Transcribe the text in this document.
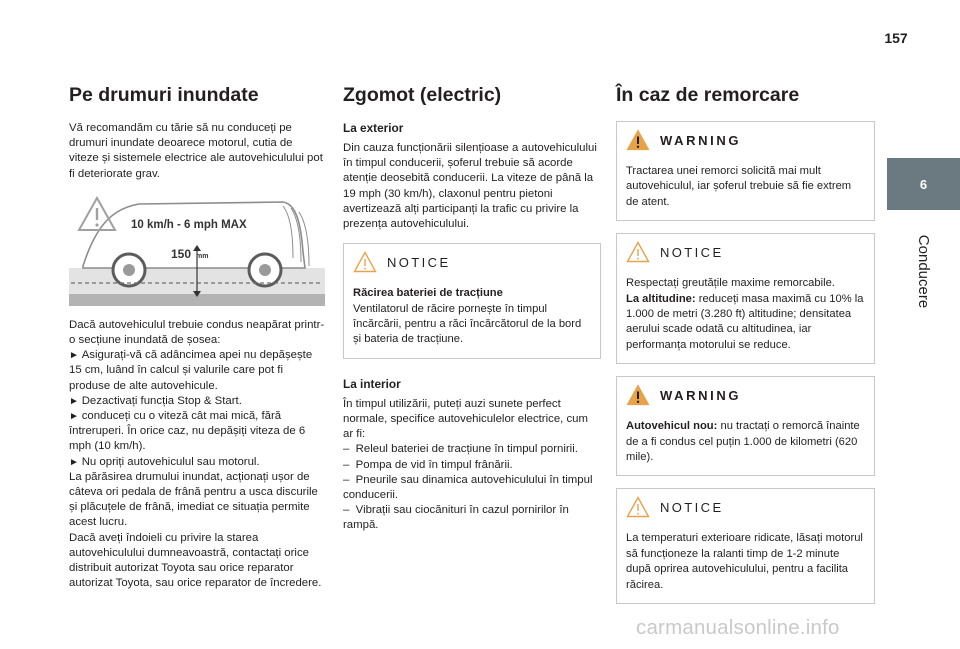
157
6
Conducere
Pe drumuri inundate

Vă recomandăm cu tărie să nu conduceți pe drumuri inundate deoarece motorul, cutia de viteze și sistemele electrice ale autovehiculului pot fi deteriorate grav.

10 km/h - 6 mph MAX
150 mm

Dacă autovehiculul trebuie condus neapărat printr-o secțiune inundată de șosea:

► Asigurați-vă că adâncimea apei nu depășește 15 cm, luând în calcul și valurile care pot fi produse de alte autovehicule.

► Dezactivați funcția Stop & Start.

► conduceți cu o viteză cât mai mică, fără întreruperi. În orice caz, nu depășiți viteza de 6 mph (10 km/h).

► Nu opriți autovehiculul sau motorul.

La părăsirea drumului inundat, acționați ușor de câteva ori pedala de frână pentru a usca discurile și plăcuțele de frână, imediat ce situația permite acest lucru.

Dacă aveți îndoieli cu privire la starea autovehiculului dumneavoastră, contactați orice distribuit autorizat Toyota sau orice reparator autorizat Toyota, sau orice reparator de încredere.

Zgomot (electric)
La exterior

Din cauza funcționării silențioase a autovehiculului în timpul conducerii, șoferul trebuie să acorde atenție deosebită conducerii. La viteze de până la 19 mph (30 km/h), claxonul pentru pietoni avertizează alți participanți la trafic cu privire la prezența autovehiculului.

NOTICE

Răcirea bateriei de tracțiune

Ventilatorul de răcire pornește în timpul încărcării, pentru a răci încărcătorul de la bord și bateria de tracțiune.

La interior

În timpul utilizării, puteți auzi sunete perfect normale, specifice autovehiculelor electrice, cum ar fi:

–  Releul bateriei de tracțiune în timpul pornirii.

–  Pompa de vid în timpul frânării.

–  Pneurile sau dinamica autovehiculului în timpul conducerii.

–  Vibrații sau ciocănituri în cazul pornirilor în rampă.

În caz de remorcare
WARNING

Tractarea unei remorci solicită mai mult autovehiculul, iar șoferul trebuie să fie extrem de atent.

NOTICE

Respectați greutățile maxime remorcabile.

La altitudine: reduceți masa maximă cu 10% la 1.000 de metri (3.280 ft) altitudine; densitatea aerului scade odată cu altitudinea, iar performanța motorului se reduce.

WARNING

Autovehicul nou: nu tractați o remorcă înainte de a fi condus cel puțin 1.000 de kilometri (620 mile).

NOTICE

La temperaturi exterioare ridicate, lăsați motorul să funcționeze la ralanti timp de 1-2 minute după oprirea autovehiculului, pentru a facilita răcirea.

carmanualsonline.info
